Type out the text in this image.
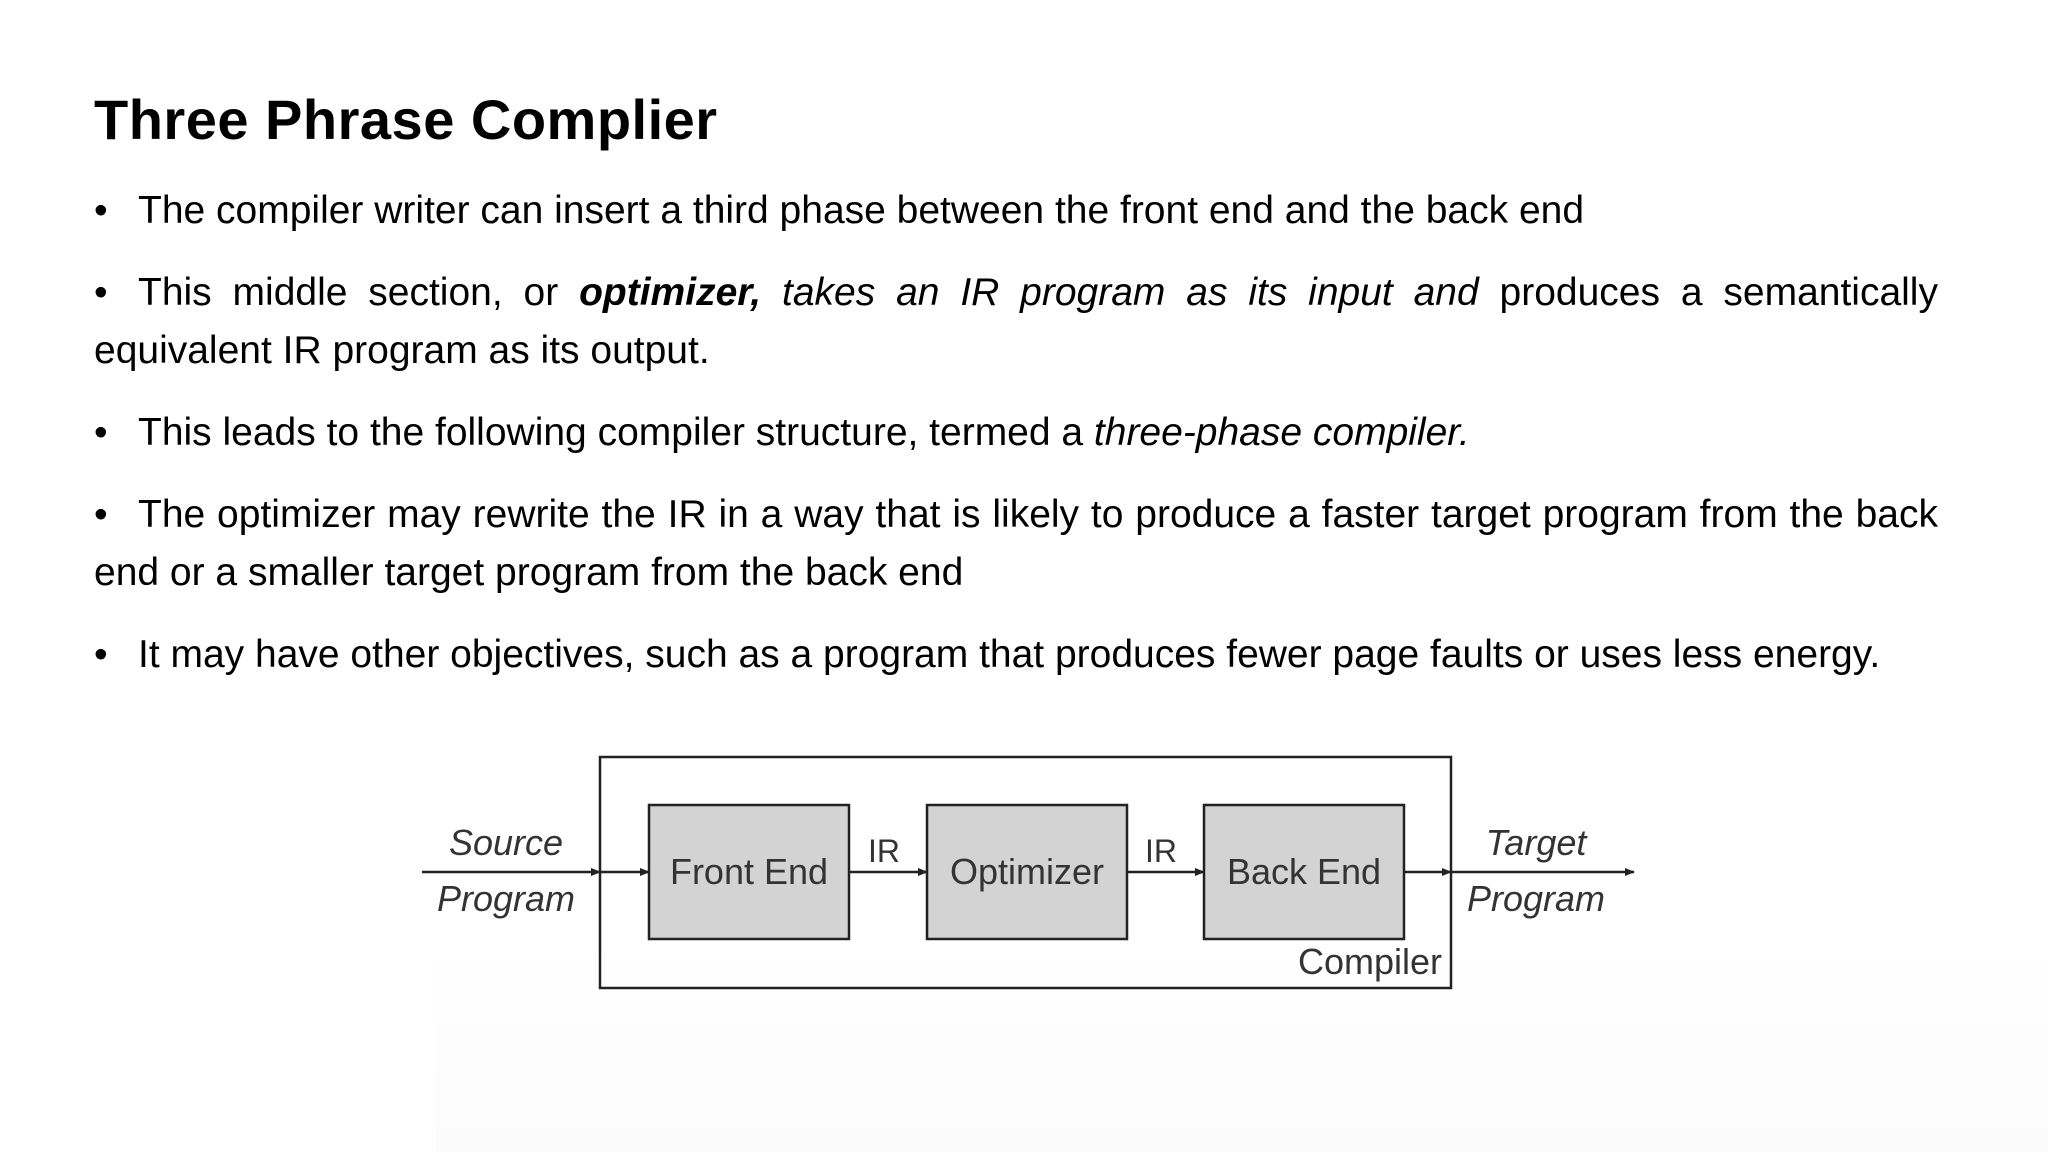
Three Phrase Complier
• The compiler writer can insert a third phase between the front end and the back end
• This middle section, or optimizer, takes an IR program as its input and produces a semantically equivalent IR program as its output.
• This leads to the following compiler structure, termed a three-phase compiler.
• The optimizer may rewrite the IR in a way that is likely to produce a faster target program from the back end or a smaller target program from the back end
• It may have other objectives, such as a program that produces fewer page faults or uses less energy.
Source
Program
Front End	Optimizer	Back End
IR	IR	Target
Program
Compiler
